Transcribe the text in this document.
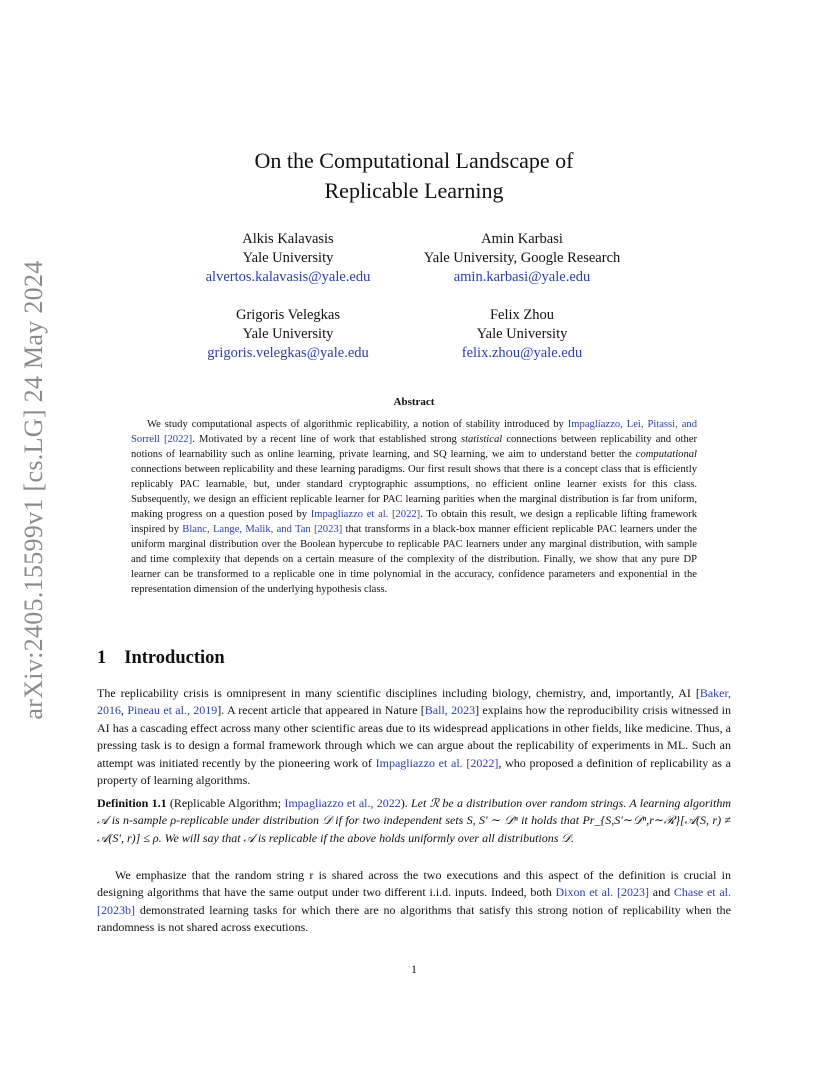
arXiv:2405.15599v1 [cs.LG] 24 May 2024
On the Computational Landscape of
Replicable Learning
Alkis Kalavasis
Yale University
alvertos.kalavasis@yale.edu
Amin Karbasi
Yale University, Google Research
amin.karbasi@yale.edu
Grigoris Velegkas
Yale University
grigoris.velegkas@yale.edu
Felix Zhou
Yale University
felix.zhou@yale.edu
Abstract

We study computational aspects of algorithmic replicability, a notion of stability introduced by Impagliazzo, Lei, Pitassi, and Sorrell [2022]. Motivated by a recent line of work that established strong statistical connections between replicability and other notions of learnability such as online learning, private learning, and SQ learning, we aim to understand better the computational connections between replicability and these learning paradigms. Our first result shows that there is a concept class that is efficiently replicably PAC learnable, but, under standard cryptographic assumptions, no efficient online learner exists for this class. Subsequently, we design an efficient replicable learner for PAC learning parities when the marginal distribution is far from uniform, making progress on a question posed by Impagliazzo et al. [2022]. To obtain this result, we design a replicable lifting framework inspired by Blanc, Lange, Malik, and Tan [2023] that transforms in a black-box manner efficient replicable PAC learners under the uniform marginal distribution over the Boolean hypercube to replicable PAC learners under any marginal distribution, with sample and time complexity that depends on a certain measure of the complexity of the distribution. Finally, we show that any pure DP learner can be transformed to a replicable one in time polynomial in the accuracy, confidence parameters and exponential in the representation dimension of the underlying hypothesis class.

1 Introduction

The replicability crisis is omnipresent in many scientific disciplines including biology, chemistry, and, importantly, AI [Baker, 2016, Pineau et al., 2019]. A recent article that appeared in Nature [Ball, 2023] explains how the reproducibility crisis witnessed in AI has a cascading effect across many other scientific areas due to its widespread applications in other fields, like medicine. Thus, a pressing task is to design a formal framework through which we can argue about the replicability of experiments in ML. Such an attempt was initiated recently by the pioneering work of Impagliazzo et al. [2022], who proposed a definition of replicability as a property of learning algorithms.

Definition 1.1 (Replicable Algorithm; Impagliazzo et al., 2022). Let ℛ be a distribution over random strings. A learning algorithm 𝒜 is n-sample ρ-replicable under distribution 𝒟 if for two independent sets S, S′ ∼ 𝒟ⁿ it holds that Pr_{S,S′∼𝒟ⁿ,r∼ℛ}[𝒜(S, r) ≠ 𝒜(S′, r)] ≤ ρ. We will say that 𝒜 is replicable if the above holds uniformly over all distributions 𝒟.

We emphasize that the random string r is shared across the two executions and this aspect of the definition is crucial in designing algorithms that have the same output under two different i.i.d. inputs. Indeed, both Dixon et al. [2023] and Chase et al. [2023b] demonstrated learning tasks for which there are no algorithms that satisfy this strong notion of replicability when the randomness is not shared across executions.

1
